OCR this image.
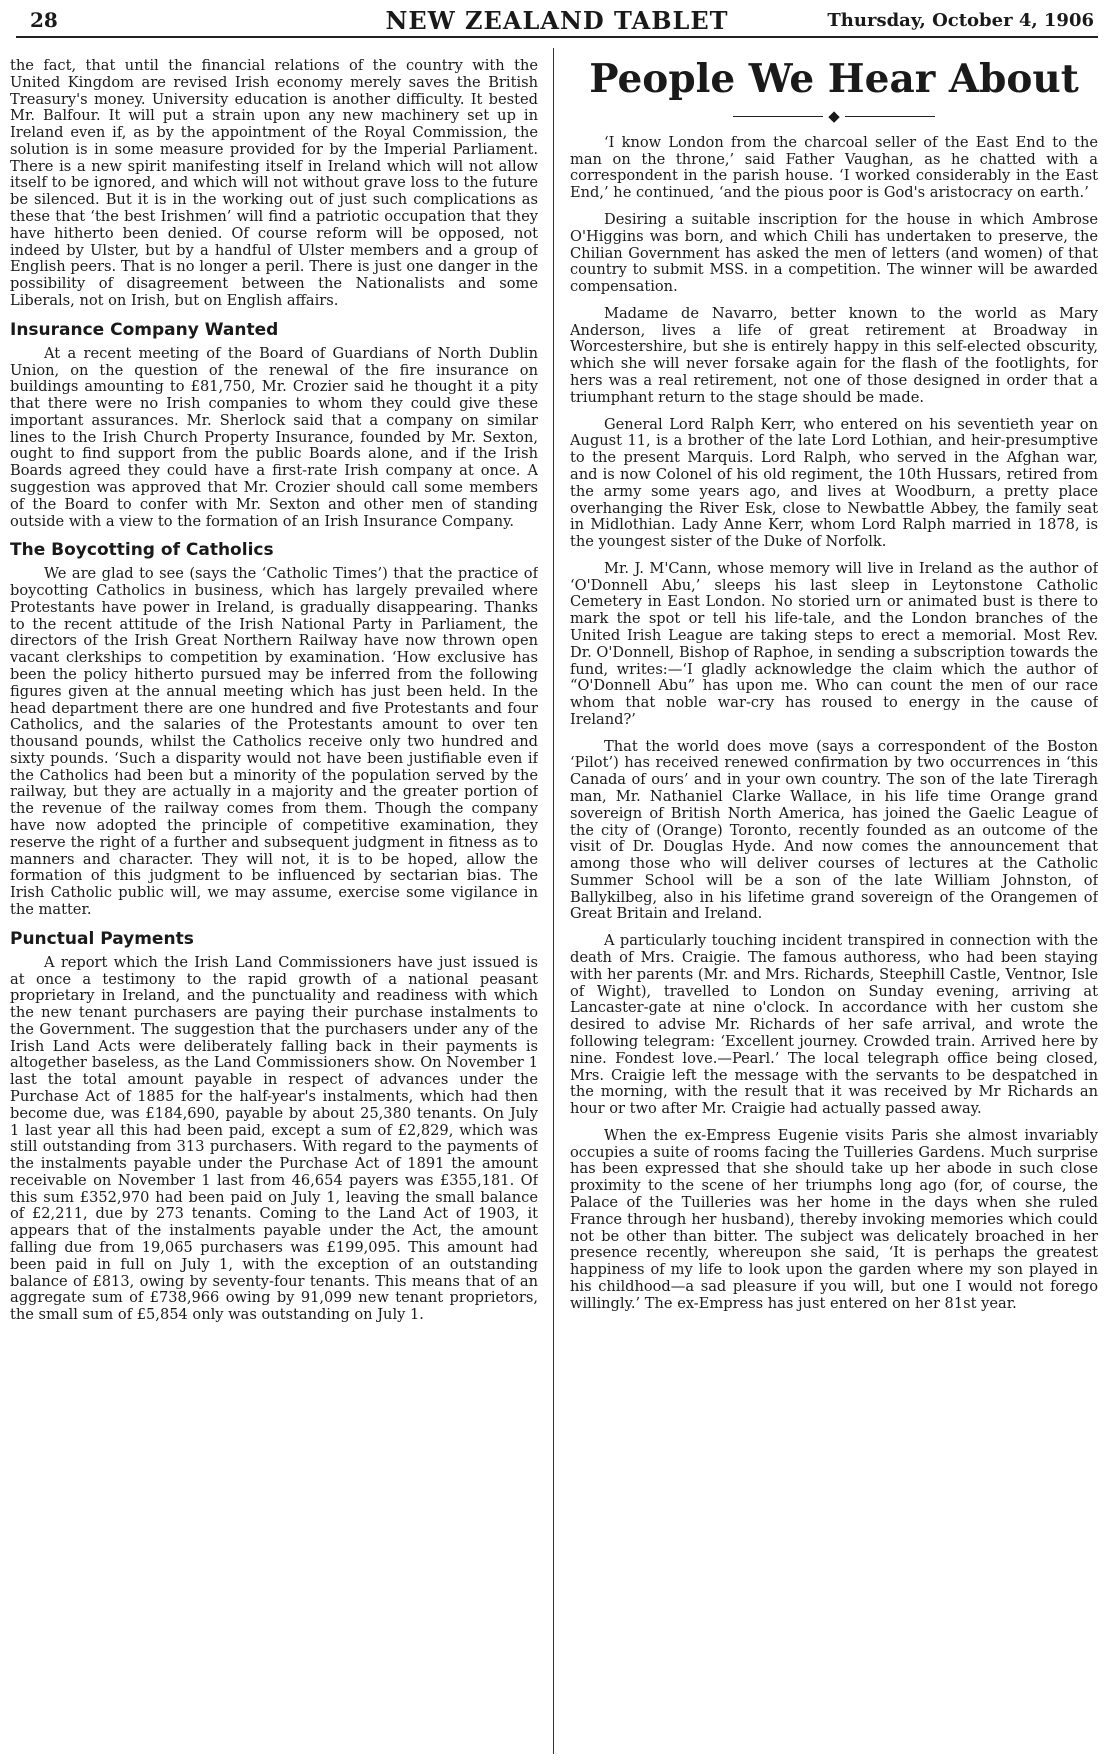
28	NEW ZEALAND TABLET	Thursday, October 4, 1906

the fact, that until the financial relations of the country with the United Kingdom are revised Irish economy merely saves the British Treasury's money. University education is another difficulty. It bested Mr. Balfour. It will put a strain upon any new machinery set up in Ireland even if, as by the appointment of the Royal Commission, the solution is in some measure provided for by the Imperial Parliament. There is a new spirit manifesting itself in Ireland which will not allow itself to be ignored, and which will not without grave loss to the future be silenced. But it is in the working out of just such complications as these that ‘the best Irishmen’ will find a patriotic occupation that they have hitherto been denied. Of course reform will be opposed, not indeed by Ulster, but by a handful of Ulster members and a group of English peers. That is no longer a peril. There is just one danger in the possibility of disagreement between the Nationalists and some Liberals, not on Irish, but on English affairs.

Insurance Company Wanted

At a recent meeting of the Board of Guardians of North Dublin Union, on the question of the renewal of the fire insurance on buildings amounting to £81,750, Mr. Crozier said he thought it a pity that there were no Irish companies to whom they could give these important assurances. Mr. Sherlock said that a company on similar lines to the Irish Church Property Insurance, founded by Mr. Sexton, ought to find support from the public Boards alone, and if the Irish Boards agreed they could have a first-rate Irish company at once. A suggestion was approved that Mr. Crozier should call some members of the Board to confer with Mr. Sexton and other men of standing outside with a view to the formation of an Irish Insurance Company.

The Boycotting of Catholics

We are glad to see (says the ‘Catholic Times’) that the practice of boycotting Catholics in business, which has largely prevailed where Protestants have power in Ireland, is gradually disappearing. Thanks to the recent attitude of the Irish National Party in Parliament, the directors of the Irish Great Northern Railway have now thrown open vacant clerkships to competition by examination. ‘How exclusive has been the policy hitherto pursued may be inferred from the following figures given at the annual meeting which has just been held. In the head department there are one hundred and five Protestants and four Catholics, and the salaries of the Protestants amount to over ten thousand pounds, whilst the Catholics receive only two hundred and sixty pounds. ‘Such a disparity would not have been justifiable even if the Catholics had been but a minority of the population served by the railway, but they are actually in a majority and the greater portion of the revenue of the railway comes from them. Though the company have now adopted the principle of competitive examination, they reserve the right of a further and subsequent judgment in fitness as to manners and character. They will not, it is to be hoped, allow the formation of this judgment to be influenced by sectarian bias. The Irish Catholic public will, we may assume, exercise some vigilance in the matter.

Punctual Payments

A report which the Irish Land Commissioners have just issued is at once a testimony to the rapid growth of a national peasant proprietary in Ireland, and the punctuality and readiness with which the new tenant purchasers are paying their purchase instalments to the Government. The suggestion that the purchasers under any of the Irish Land Acts were deliberately falling back in their payments is altogether baseless, as the Land Commissioners show. On November 1 last the total amount payable in respect of advances under the Purchase Act of 1885 for the half-year's instalments, which had then become due, was £184,690, payable by about 25,380 tenants. On July 1 last year all this had been paid, except a sum of £2,829, which was still outstanding from 313 purchasers. With regard to the payments of the instalments payable under the Purchase Act of 1891 the amount receivable on November 1 last from 46,654 payers was £355,181. Of this sum £352,970 had been paid on July 1, leaving the small balance of £2,211, due by 273 tenants. Coming to the Land Act of 1903, it appears that of the instalments payable under the Act, the amount falling due from 19,065 purchasers was £199,095. This amount had been paid in full on July 1, with the exception of an outstanding balance of £813, owing by seventy-four tenants. This means that of an aggregate sum of £738,966 owing by 91,099 new tenant proprietors, the small sum of £5,854 only was outstanding on July 1.

People We Hear About
◆

‘I know London from the charcoal seller of the East End to the man on the throne,’ said Father Vaughan, as he chatted with a correspondent in the parish house. ‘I worked considerably in the East End,’ he continued, ‘and the pious poor is God's aristocracy on earth.’

Desiring a suitable inscription for the house in which Ambrose O'Higgins was born, and which Chili has undertaken to preserve, the Chilian Government has asked the men of letters (and women) of that country to submit MSS. in a competition. The winner will be awarded compensation.

Madame de Navarro, better known to the world as Mary Anderson, lives a life of great retirement at Broadway in Worcestershire, but she is entirely happy in this self-elected obscurity, which she will never forsake again for the flash of the footlights, for hers was a real retirement, not one of those designed in order that a triumphant return to the stage should be made.

General Lord Ralph Kerr, who entered on his seventieth year on August 11, is a brother of the late Lord Lothian, and heir-presumptive to the present Marquis. Lord Ralph, who served in the Afghan war, and is now Colonel of his old regiment, the 10th Hussars, retired from the army some years ago, and lives at Woodburn, a pretty place overhanging the River Esk, close to Newbattle Abbey, the family seat in Midlothian. Lady Anne Kerr, whom Lord Ralph married in 1878, is the youngest sister of the Duke of Norfolk.

Mr. J. M'Cann, whose memory will live in Ireland as the author of ‘O'Donnell Abu,’ sleeps his last sleep in Leytonstone Catholic Cemetery in East London. No storied urn or animated bust is there to mark the spot or tell his life-tale, and the London branches of the United Irish League are taking steps to erect a memorial. Most Rev. Dr. O'Donnell, Bishop of Raphoe, in sending a subscription towards the fund, writes:—‘I gladly acknowledge the claim which the author of “O'Donnell Abu” has upon me. Who can count the men of our race whom that noble war-cry has roused to energy in the cause of Ireland?’

That the world does move (says a correspondent of the Boston ‘Pilot’) has received renewed confirmation by two occurrences in ‘this Canada of ours’ and in your own country. The son of the late Tireragh man, Mr. Nathaniel Clarke Wallace, in his life time Orange grand sovereign of British North America, has joined the Gaelic League of the city of (Orange) Toronto, recently founded as an outcome of the visit of Dr. Douglas Hyde. And now comes the announcement that among those who will deliver courses of lectures at the Catholic Summer School will be a son of the late William Johnston, of Ballykilbeg, also in his lifetime grand sovereign of the Orangemen of Great Britain and Ireland.

A particularly touching incident transpired in connection with the death of Mrs. Craigie. The famous authoress, who had been staying with her parents (Mr. and Mrs. Richards, Steephill Castle, Ventnor, Isle of Wight), travelled to London on Sunday evening, arriving at Lancaster-gate at nine o'clock. In accordance with her custom she desired to advise Mr. Richards of her safe arrival, and wrote the following telegram: ‘Excellent journey. Crowded train. Arrived here by nine. Fondest love.—Pearl.’ The local telegraph office being closed, Mrs. Craigie left the message with the servants to be despatched in the morning, with the result that it was received by Mr Richards an hour or two after Mr. Craigie had actually passed away.

When the ex-Empress Eugenie visits Paris she almost invariably occupies a suite of rooms facing the Tuilleries Gardens. Much surprise has been expressed that she should take up her abode in such close proximity to the scene of her triumphs long ago (for, of course, the Palace of the Tuilleries was her home in the days when she ruled France through her husband), thereby invoking memories which could not be other than bitter. The subject was delicately broached in her presence recently, whereupon she said, ‘It is perhaps the greatest happiness of my life to look upon the garden where my son played in his childhood—a sad pleasure if you will, but one I would not forego willingly.’ The ex-Empress has just entered on her 81st year.
